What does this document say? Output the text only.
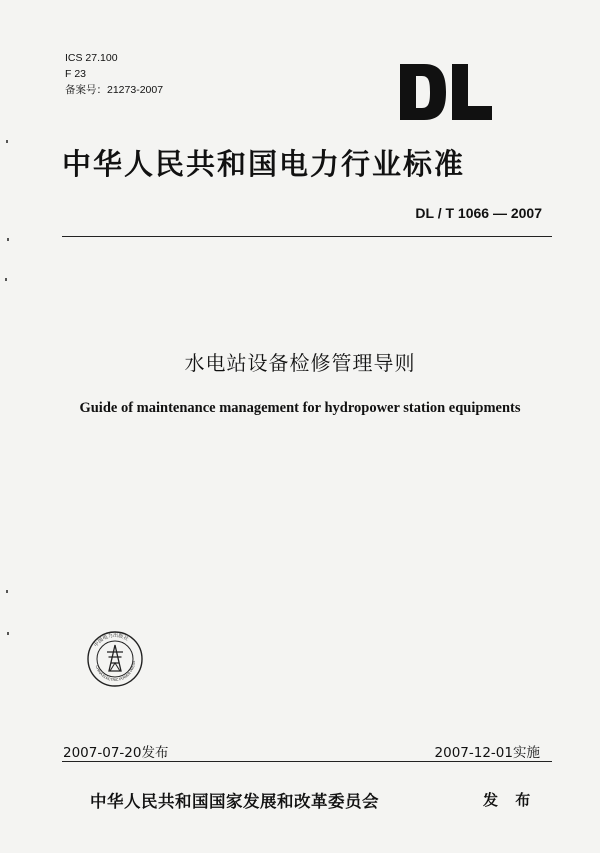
ICS 27.100
F 23
备案号：21273-2007
中华人民共和国电力行业标准
DL / T 1066 — 2007
水电站设备检修管理导则
Guide of maintenance management for hydropower station equipments
中国电力出版社
CHINA ELECTRIC POWER PRESS
2007-07-20发布	2007-12-01实施
中华人民共和国国家发展和改革委员会	发 布
